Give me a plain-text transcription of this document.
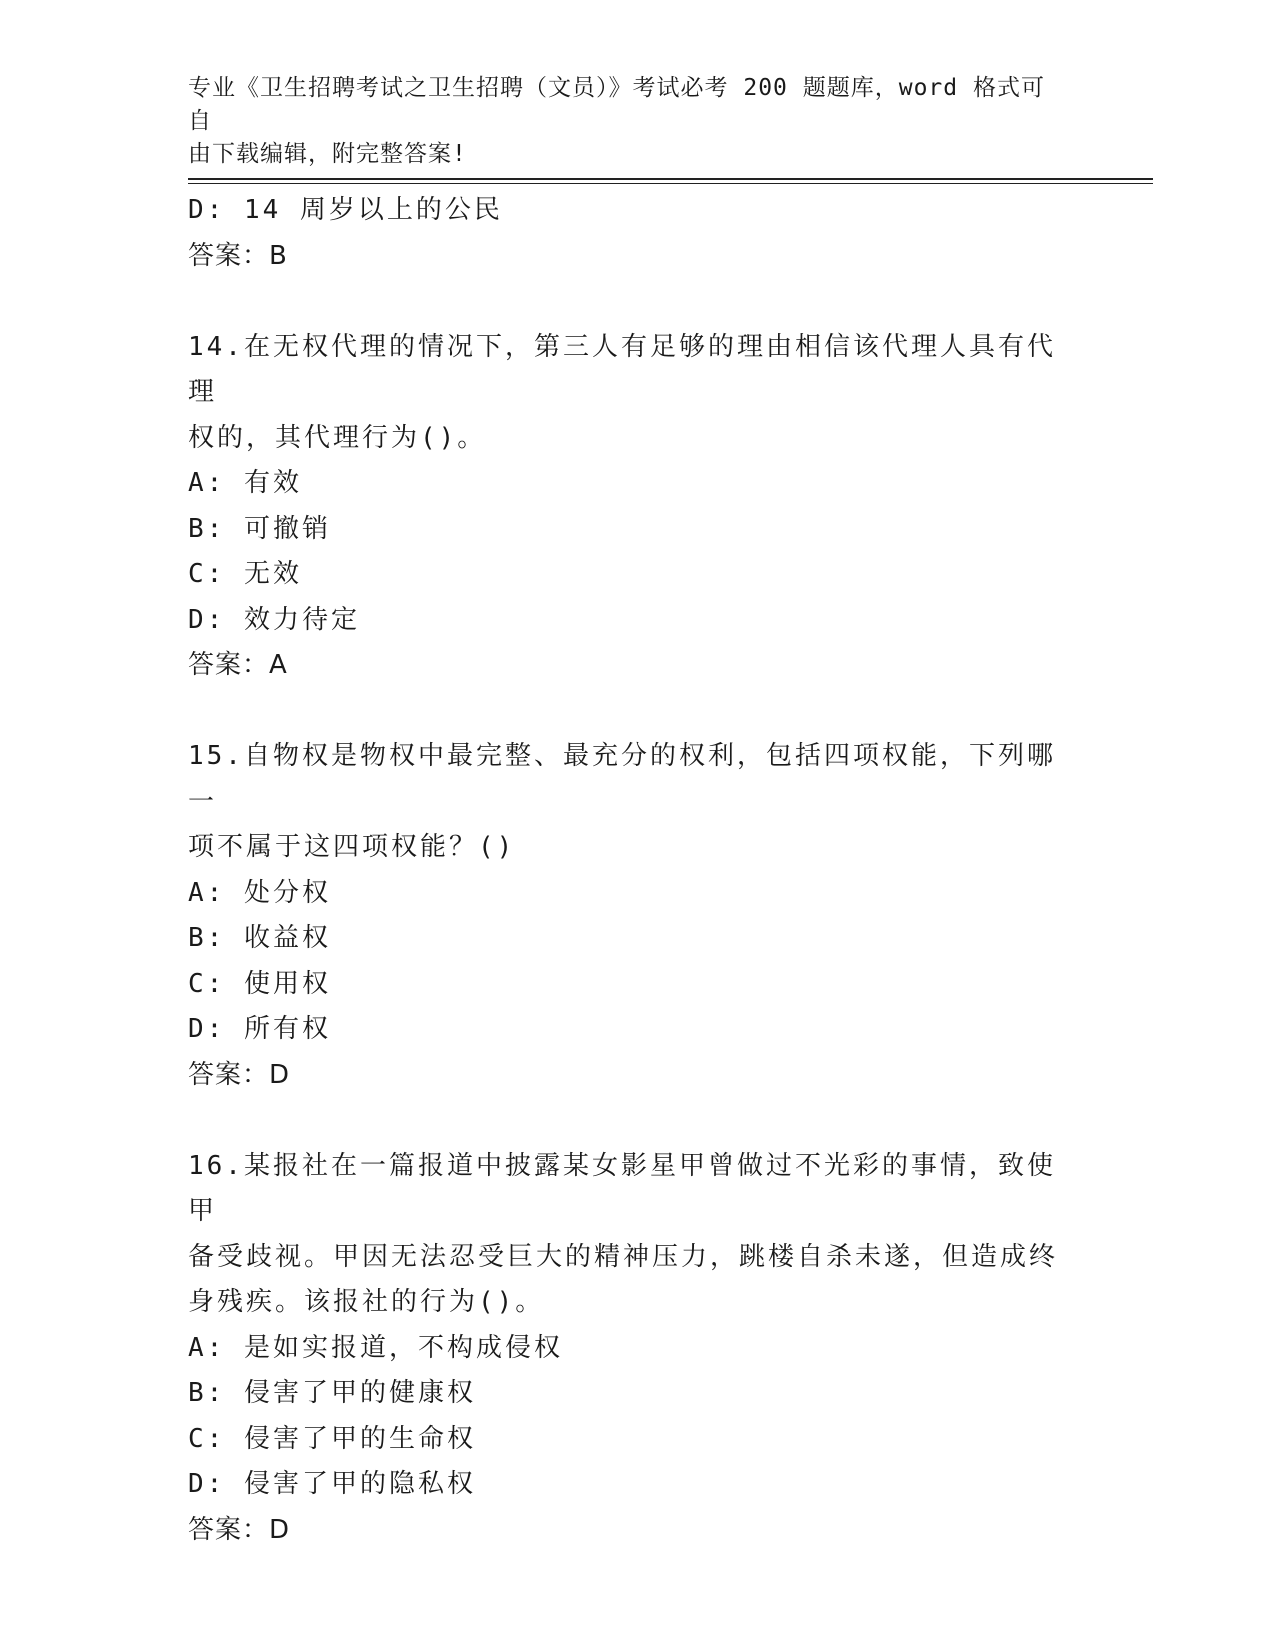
专业《卫生招聘考试之卫生招聘（文员）》考试必考 200 题题库，word 格式可自
由下载编辑，附完整答案!
D: 14 周岁以上的公民
答案：B
14.在无权代理的情况下，第三人有足够的理由相信该代理人具有代理
权的，其代理行为()。
A: 有效
B: 可撤销
C: 无效
D: 效力待定
答案：A
15.自物权是物权中最完整、最充分的权利，包括四项权能，下列哪一
项不属于这四项权能？()
A: 处分权
B: 收益权
C: 使用权
D: 所有权
答案：D
16.某报社在一篇报道中披露某女影星甲曾做过不光彩的事情，致使甲
备受歧视。甲因无法忍受巨大的精神压力，跳楼自杀未遂，但造成终
身残疾。该报社的行为()。
A: 是如实报道，不构成侵权
B: 侵害了甲的健康权
C: 侵害了甲的生命权
D: 侵害了甲的隐私权
答案：D
